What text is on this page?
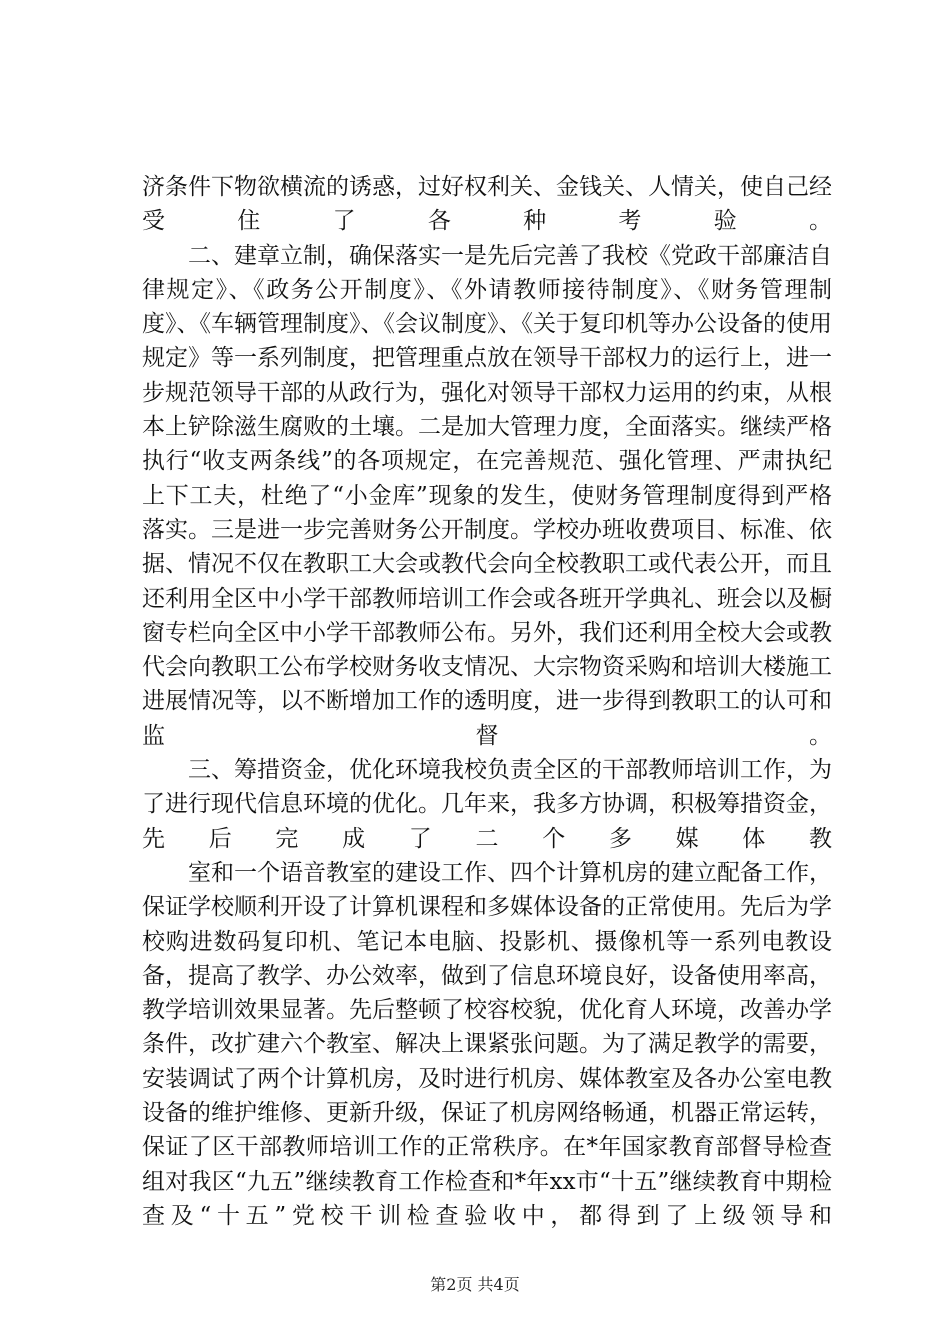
济条件下物欲横流的诱惑，过好权利关、金钱关、人情关，使自己经受住了各种考验。

二、建章立制，确保落实一是先后完善了我校《党政干部廉洁自律规定》、《政务公开制度》、《外请教师接待制度》、《财务管理制度》、《车辆管理制度》、《会议制度》、《关于复印机等办公设备的使用规定》等一系列制度，把管理重点放在领导干部权力的运行上，进一步规范领导干部的从政行为，强化对领导干部权力运用的约束，从根本上铲除滋生腐败的土壤。二是加大管理力度，全面落实。继续严格执行“收支两条线”的各项规定，在完善规范、强化管理、严肃执纪上下工夫，杜绝了“小金库”现象的发生，使财务管理制度得到严格落实。三是进一步完善财务公开制度。学校办班收费项目、标准、依据、情况不仅在教职工大会或教代会向全校教职工或代表公开，而且还利用全区中小学干部教师培训工作会或各班开学典礼、班会以及橱窗专栏向全区中小学干部教师公布。另外，我们还利用全校大会或教代会向教职工公布学校财务收支情况、大宗物资采购和培训大楼施工进展情况等，以不断增加工作的透明度，进一步得到教职工的认可和监督。

三、筹措资金，优化环境我校负责全区的干部教师培训工作，为了进行现代信息环境的优化。几年来，我多方协调，积极筹措资金，先后完成了二个多媒体教

室和一个语音教室的建设工作、四个计算机房的建立配备工作，保证学校顺利开设了计算机课程和多媒体设备的正常使用。先后为学校购进数码复印机、笔记本电脑、投影机、摄像机等一系列电教设备，提高了教学、办公效率，做到了信息环境良好，设备使用率高，教学培训效果显著。先后整顿了校容校貌，优化育人环境，改善办学条件，改扩建六个教室、解决上课紧张问题。为了满足教学的需要，安装调试了两个计算机房，及时进行机房、媒体教室及各办公室电教设备的维护维修、更新升级，保证了机房网络畅通，机器正常运转，保证了区干部教师培训工作的正常秩序。在*年国家教育部督导检查组对我区“九五”继续教育工作检查和*年xx市“十五”继续教育中期检查及“十五”党校干训检查验收中，都得到了上级领导和

第2页 共4页
